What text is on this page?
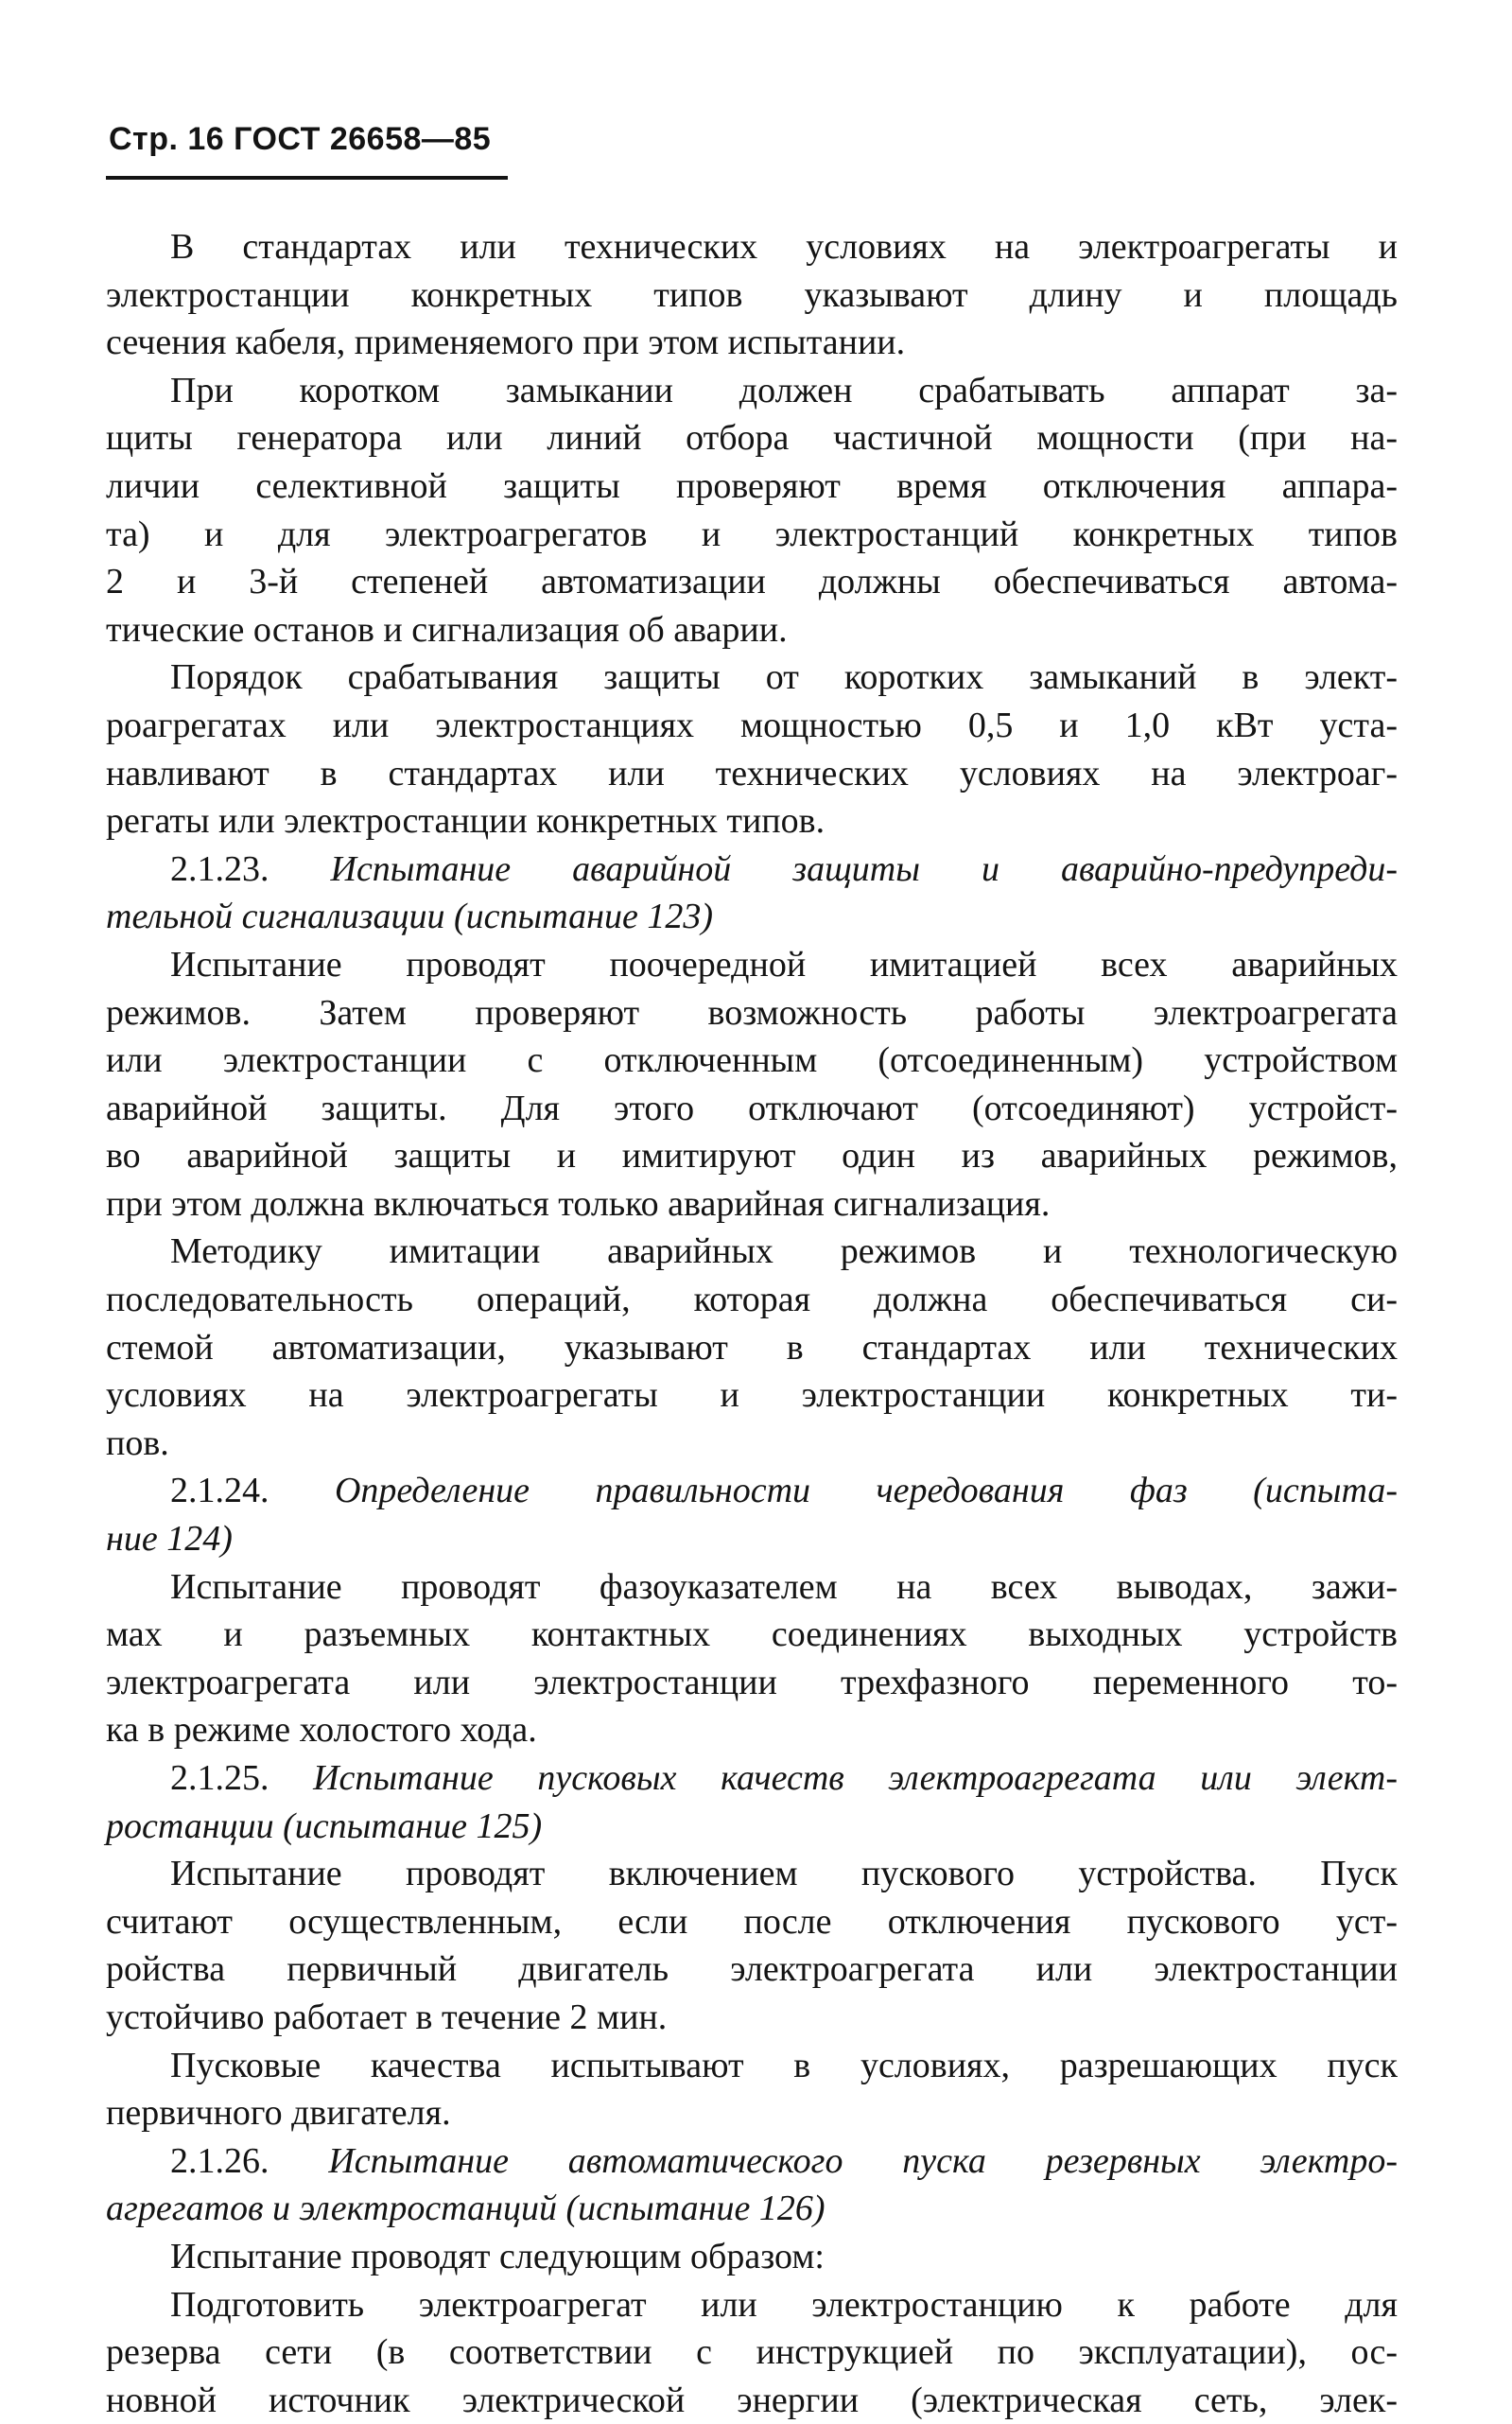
Стр. 16 ГОСТ 26658—85
В стандартах или технических условиях на электроагрегаты и
электростанции конкретных типов указывают длину и площадь
сечения кабеля, применяемого при этом испытании.
При коротком замыкании должен срабатывать аппарат за-
щиты генератора или линий отбора частичной мощности (при на-
личии селективной защиты проверяют время отключения аппара-
та) и для электроагрегатов и электростанций конкретных типов
2 и 3-й степеней автоматизации должны обеспечиваться автома-
тические останов и сигнализация об аварии.
Порядок срабатывания защиты от коротких замыканий в элект-
роагрегатах или электростанциях мощностью 0,5 и 1,0 кВт уста-
навливают в стандартах или технических условиях на электроаг-
регаты или электростанции конкретных типов.
2.1.23. Испытание аварийной защиты и аварийно-предупреди-
тельной сигнализации (испытание 123)
Испытание проводят поочередной имитацией всех аварийных
режимов. Затем проверяют возможность работы электроагрегата
или электростанции с отключенным (отсоединенным) устройством
аварийной защиты. Для этого отключают (отсоединяют) устройст-
во аварийной защиты и имитируют один из аварийных режимов,
при этом должна включаться только аварийная сигнализация.
Методику имитации аварийных режимов и технологическую
последовательность операций, которая должна обеспечиваться си-
стемой автоматизации, указывают в стандартах или технических
условиях на электроагрегаты и электростанции конкретных ти-
пов.
2.1.24. Определение правильности чередования фаз (испыта-
ние 124)
Испытание проводят фазоуказателем на всех выводах, зажи-
мах и разъемных контактных соединениях выходных устройств
электроагрегата или электростанции трехфазного переменного то-
ка в режиме холостого хода.
2.1.25. Испытание пусковых качеств электроагрегата или элект-
ростанции (испытание 125)
Испытание проводят включением пускового устройства. Пуск
считают осуществленным, если после отключения пускового уст-
ройства первичный двигатель электроагрегата или электростанции
устойчиво работает в течение 2 мин.
Пусковые качества испытывают в условиях, разрешающих пуск
первичного двигателя.
2.1.26. Испытание автоматического пуска резервных электро-
агрегатов и электростанций (испытание 126)
Испытание проводят следующим образом:
Подготовить электроагрегат или электростанцию к работе для
резерва сети (в соответствии с инструкцией по эксплуатации), ос-
новной источник электрической энергии (электрическая сеть, элек-
